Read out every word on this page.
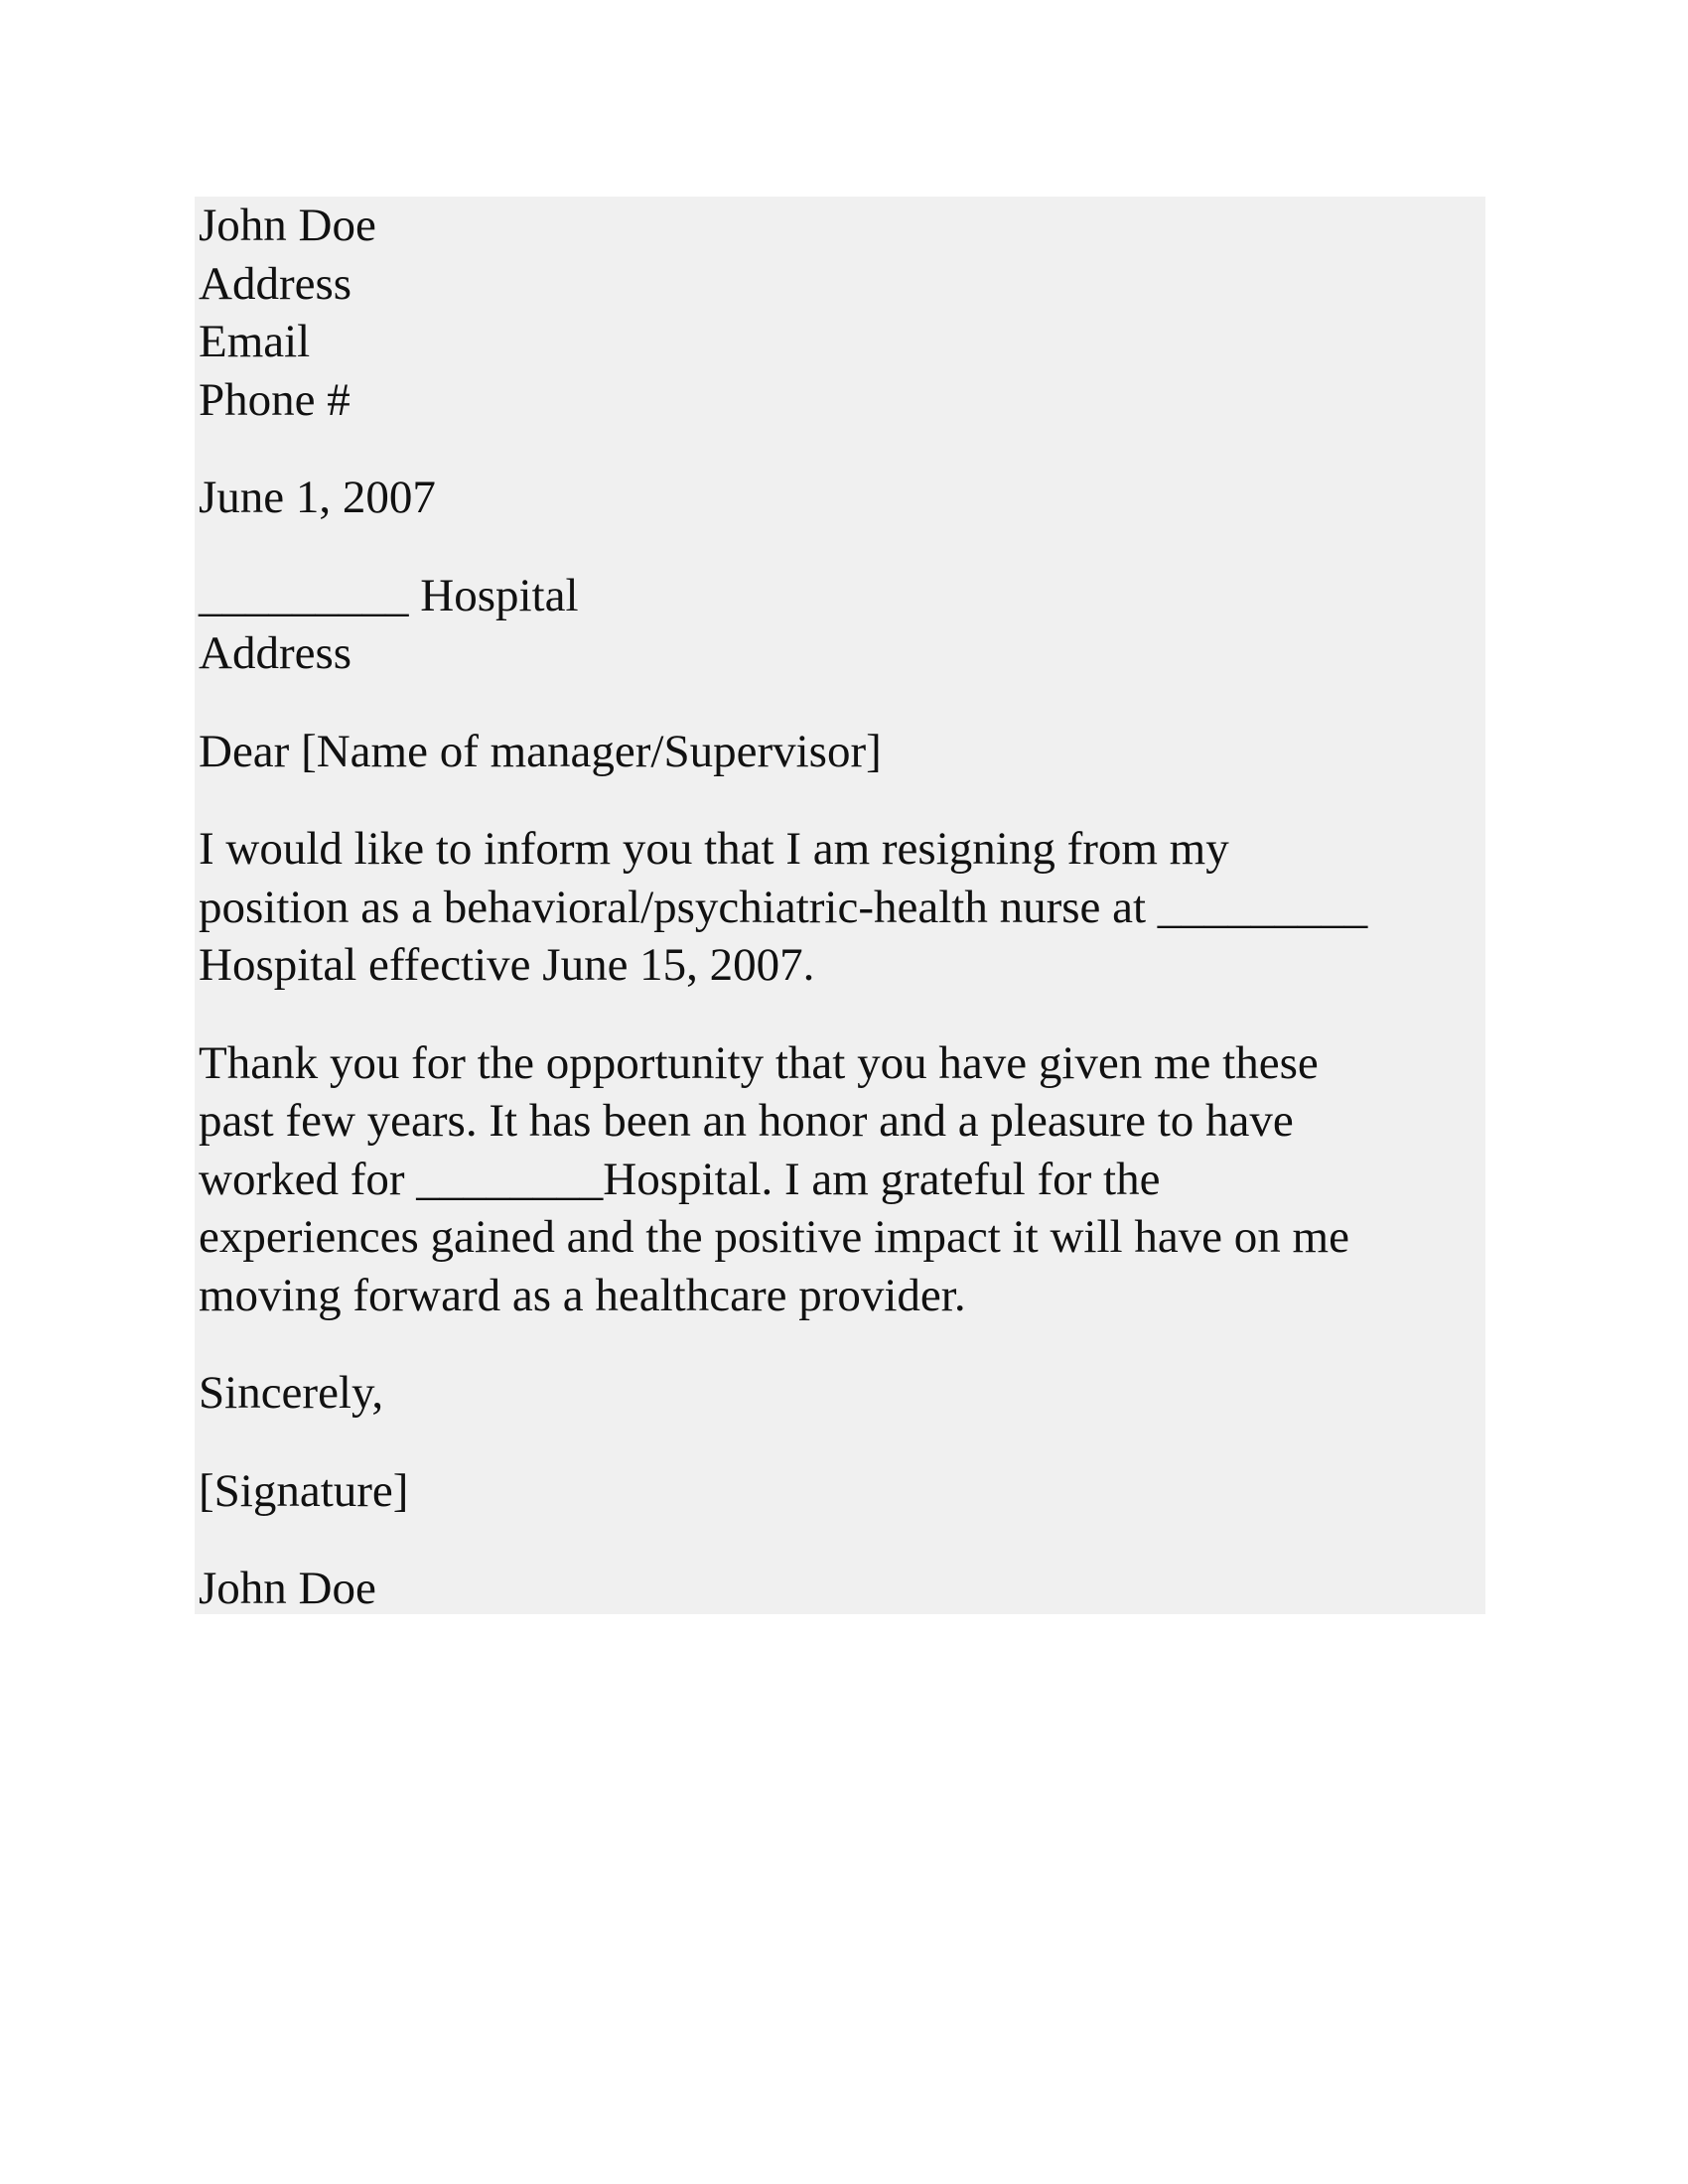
John Doe
Address
Email
Phone #
June 1, 2007
_________ Hospital
Address
Dear [Name of manager/Supervisor]
I would like to inform you that I am resigning from my
position as a behavioral/psychiatric-health nurse at _________
Hospital effective June 15, 2007.
Thank you for the opportunity that you have given me these
past few years. It has been an honor and a pleasure to have
worked for ________Hospital. I am grateful for the
experiences gained and the positive impact it will have on me
moving forward as a healthcare provider.
Sincerely,
[Signature]
John Doe
